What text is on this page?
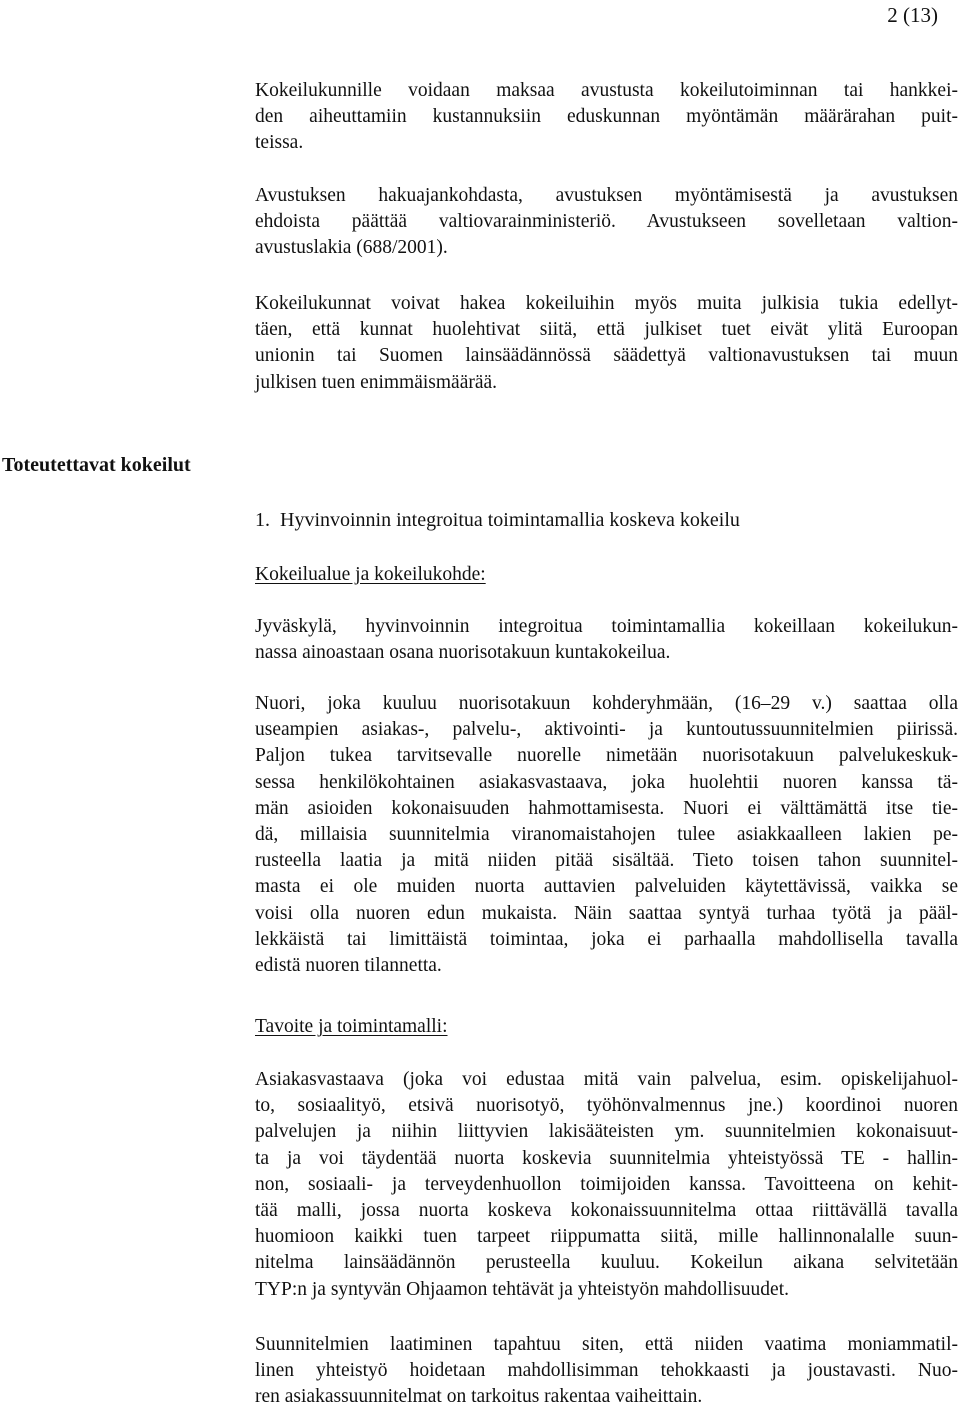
2 (13)

Kokeilukunnille voidaan maksaa avustusta kokeilutoiminnan tai hankkei-
den aiheuttamiin kustannuksiin eduskunnan myöntämän määrärahan puit-
teissa.

Avustuksen hakuajankohdasta, avustuksen myöntämisestä ja avustuksen
ehdoista päättää valtiovarainministeriö. Avustukseen sovelletaan valtion-
avustuslakia (688/2001).

Kokeilukunnat voivat hakea kokeiluihin myös muita julkisia tukia edellyt-
täen, että kunnat huolehtivat siitä, että julkiset tuet eivät ylitä Euroopan
unionin tai Suomen lainsäädännössä säädettyä valtionavustuksen tai muun
julkisen tuen enimmäismäärää.

Toteutettavat kokeilut
1.  Hyvinvoinnin integroitua toimintamallia koskeva kokeilu
Kokeilualue ja kokeilukohde:

Jyväskylä, hyvinvoinnin integroitua toimintamallia kokeillaan kokeilukun-
nassa ainoastaan osana nuorisotakuun kuntakokeilua.

Nuori, joka kuuluu nuorisotakuun kohderyhmään, (16–29 v.) saattaa olla
useampien asiakas-, palvelu-, aktivointi- ja kuntoutussuunnitelmien piirissä.
Paljon tukea tarvitsevalle nuorelle nimetään nuorisotakuun palvelukeskuk-
sessa henkilökohtainen asiakasvastaava, joka huolehtii nuoren kanssa tä-
män asioiden kokonaisuuden hahmottamisesta. Nuori ei välttämättä itse tie-
dä, millaisia suunnitelmia viranomaistahojen tulee asiakkaalleen lakien pe-
rusteella laatia ja mitä niiden pitää sisältää. Tieto toisen tahon suunnitel-
masta ei ole muiden nuorta auttavien palveluiden käytettävissä, vaikka se
voisi olla nuoren edun mukaista. Näin saattaa syntyä turhaa työtä ja pääl-
lekkäistä tai limittäistä toimintaa, joka ei parhaalla mahdollisella tavalla
edistä nuoren tilannetta.

Tavoite ja toimintamalli:

Asiakasvastaava (joka voi edustaa mitä vain palvelua, esim. opiskelijahuol-
to, sosiaalityö, etsivä nuorisotyö, työhönvalmennus jne.) koordinoi nuoren
palvelujen ja niihin liittyvien lakisääteisten ym. suunnitelmien kokonaisuut-
ta ja voi täydentää nuorta koskevia suunnitelmia yhteistyössä TE - hallin-
non, sosiaali- ja terveydenhuollon toimijoiden kanssa. Tavoitteena on kehit-
tää malli, jossa nuorta koskeva kokonaissuunnitelma ottaa riittävällä tavalla
huomioon kaikki tuen tarpeet riippumatta siitä, mille hallinnonalalle suun-
nitelma lainsäädännön perusteella kuuluu. Kokeilun aikana selvitetään
TYP:n ja syntyvän Ohjaamon tehtävät ja yhteistyön mahdollisuudet.

Suunnitelmien laatiminen tapahtuu siten, että niiden vaatima moniammatil-
linen yhteistyö hoidetaan mahdollisimman tehokkaasti ja joustavasti. Nuo-
ren asiakassuunnitelmat on tarkoitus rakentaa vaiheittain.
